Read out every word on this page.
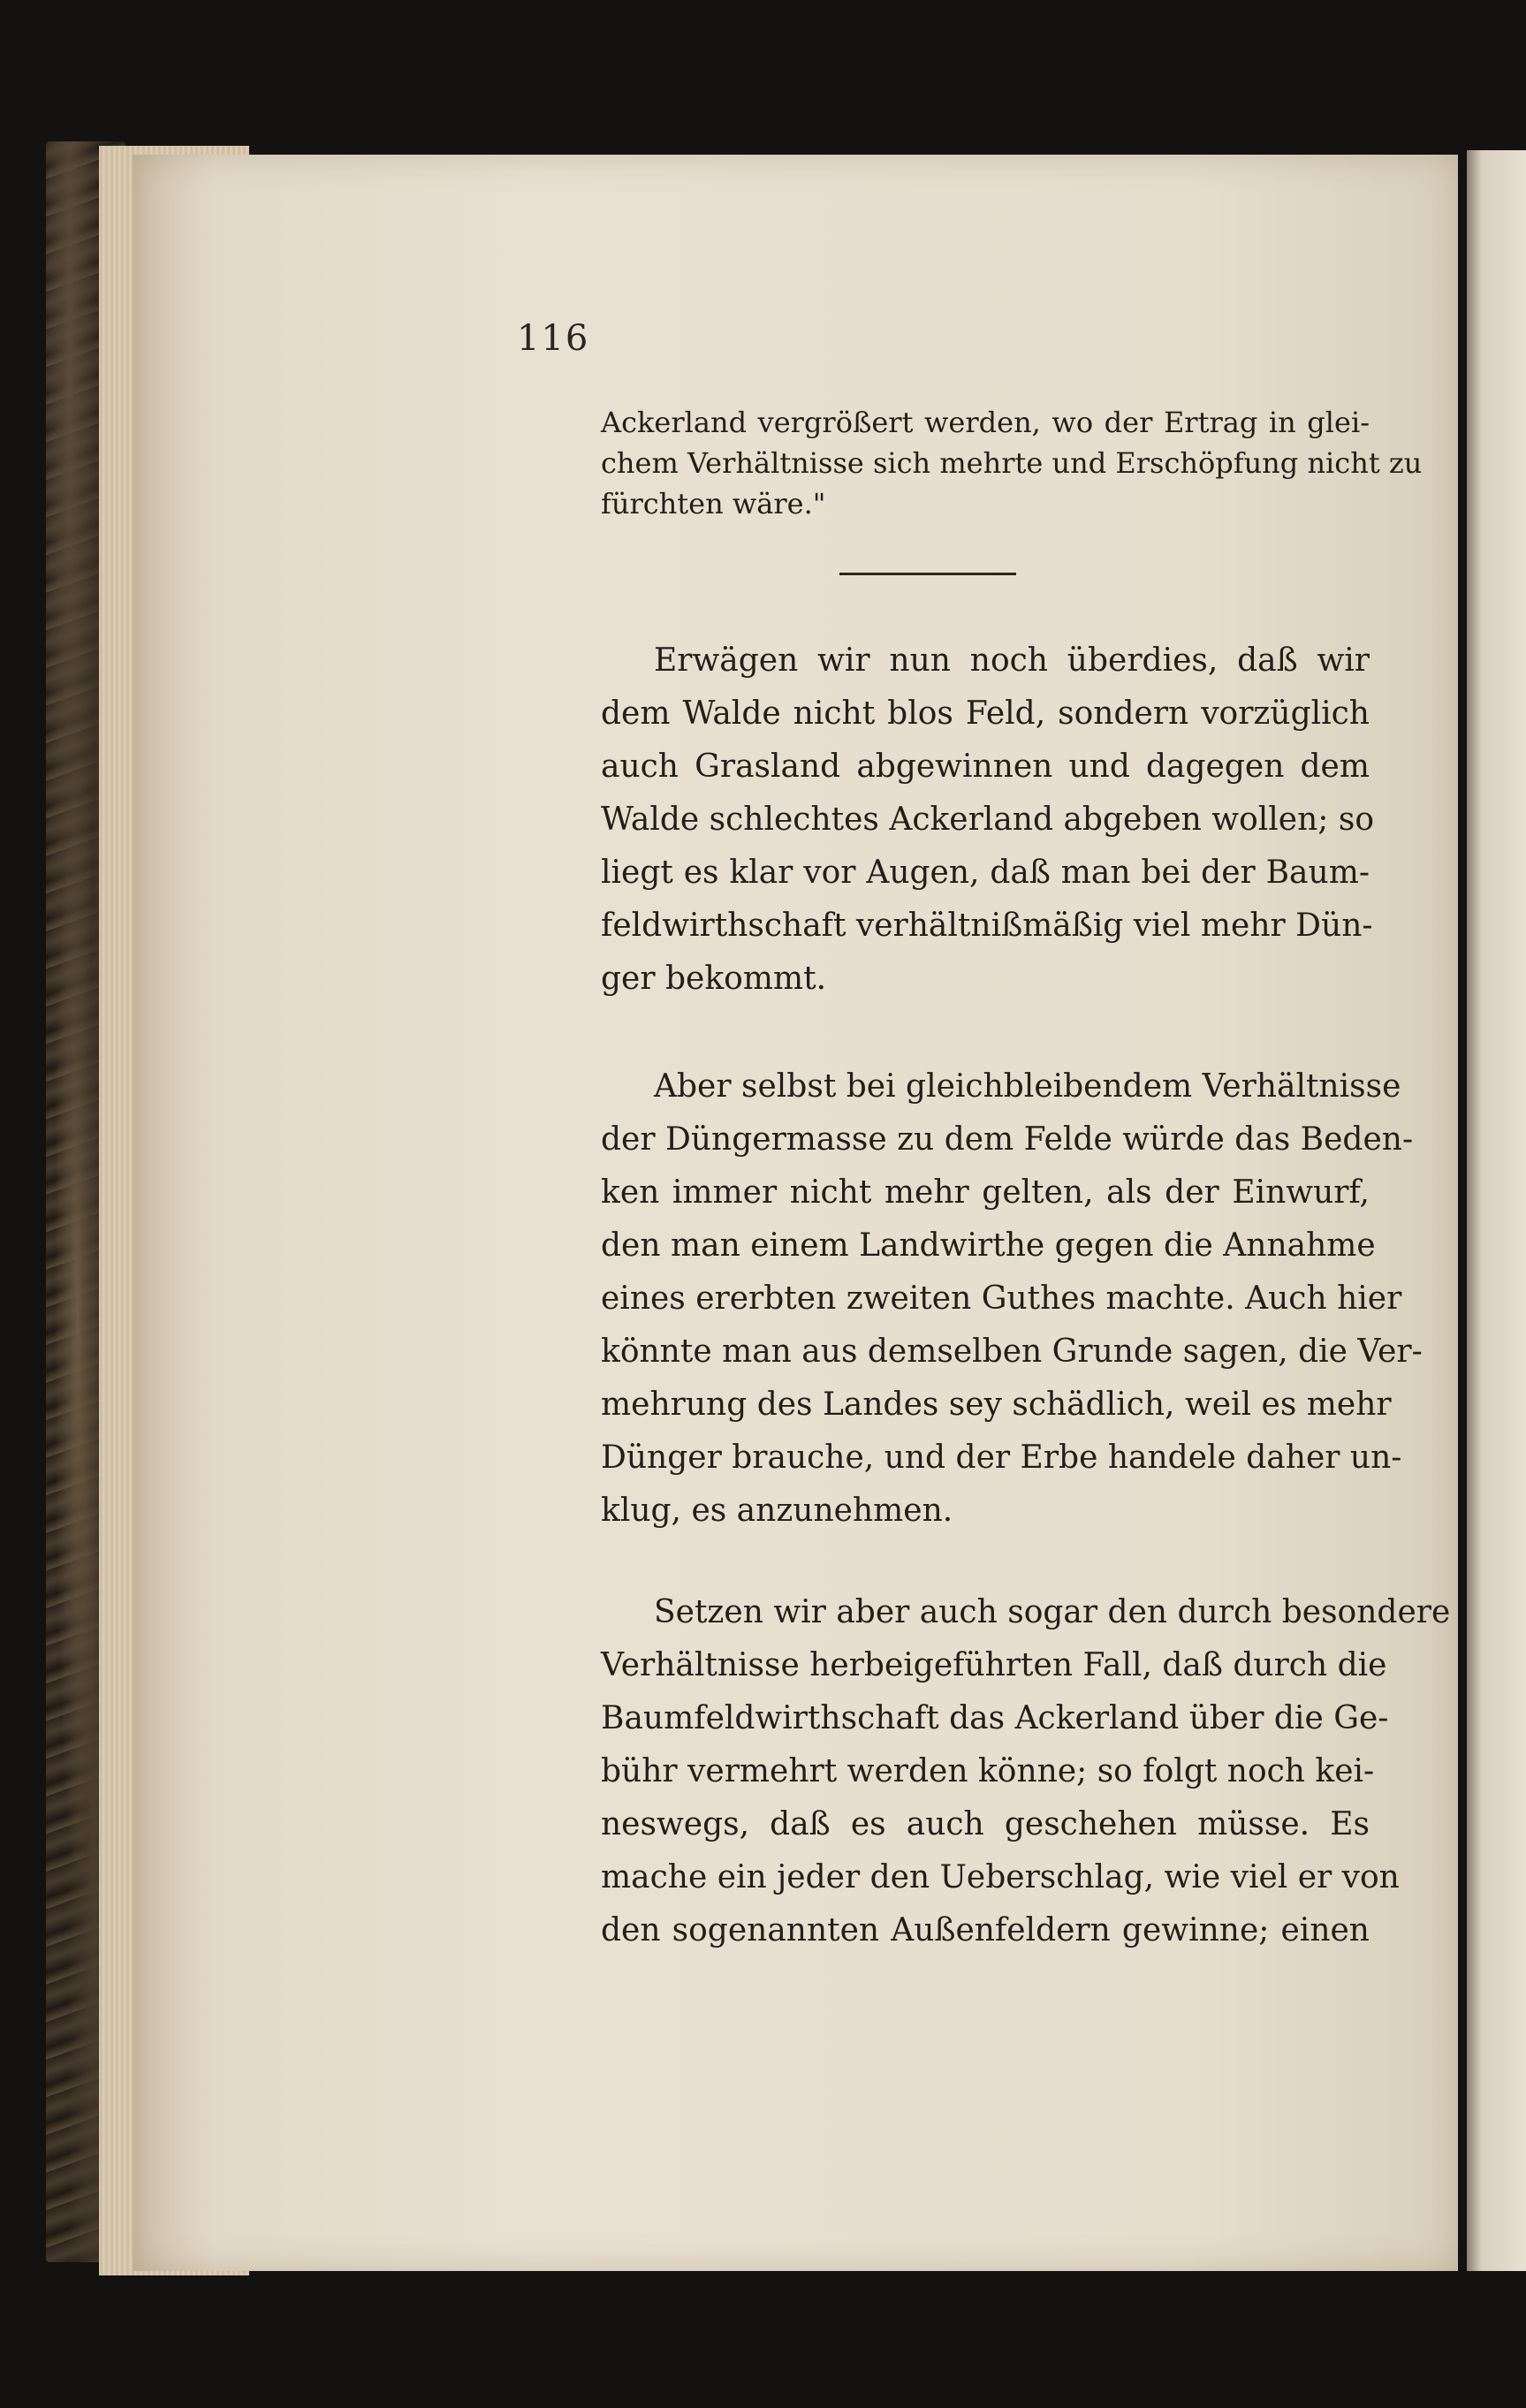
116
Ackerland vergrößert werden, wo der Ertrag in glei-
chem Verhältnisse sich mehrte und Erschöpfung nicht zu
fürchten wäre."
Erwägen wir nun noch überdies, daß wir
dem Walde nicht blos Feld, sondern vorzüglich
auch Grasland abgewinnen und dagegen dem
Walde schlechtes Ackerland abgeben wollen; so
liegt es klar vor Augen, daß man bei der Baum-
feldwirthschaft verhältnißmäßig viel mehr Dün-
ger bekommt.
Aber selbst bei gleichbleibendem Verhältnisse
der Düngermasse zu dem Felde würde das Beden-
ken immer nicht mehr gelten, als der Einwurf,
den man einem Landwirthe gegen die Annahme
eines ererbten zweiten Guthes machte. Auch hier
könnte man aus demselben Grunde sagen, die Ver-
mehrung des Landes sey schädlich, weil es mehr
Dünger brauche, und der Erbe handele daher un-
klug, es anzunehmen.
Setzen wir aber auch sogar den durch besondere
Verhältnisse herbeigeführten Fall, daß durch die
Baumfeldwirthschaft das Ackerland über die Ge-
bühr vermehrt werden könne; so folgt noch kei-
neswegs, daß es auch geschehen müsse. Es
mache ein jeder den Ueberschlag, wie viel er von
den sogenannten Außenfeldern gewinne; einen
